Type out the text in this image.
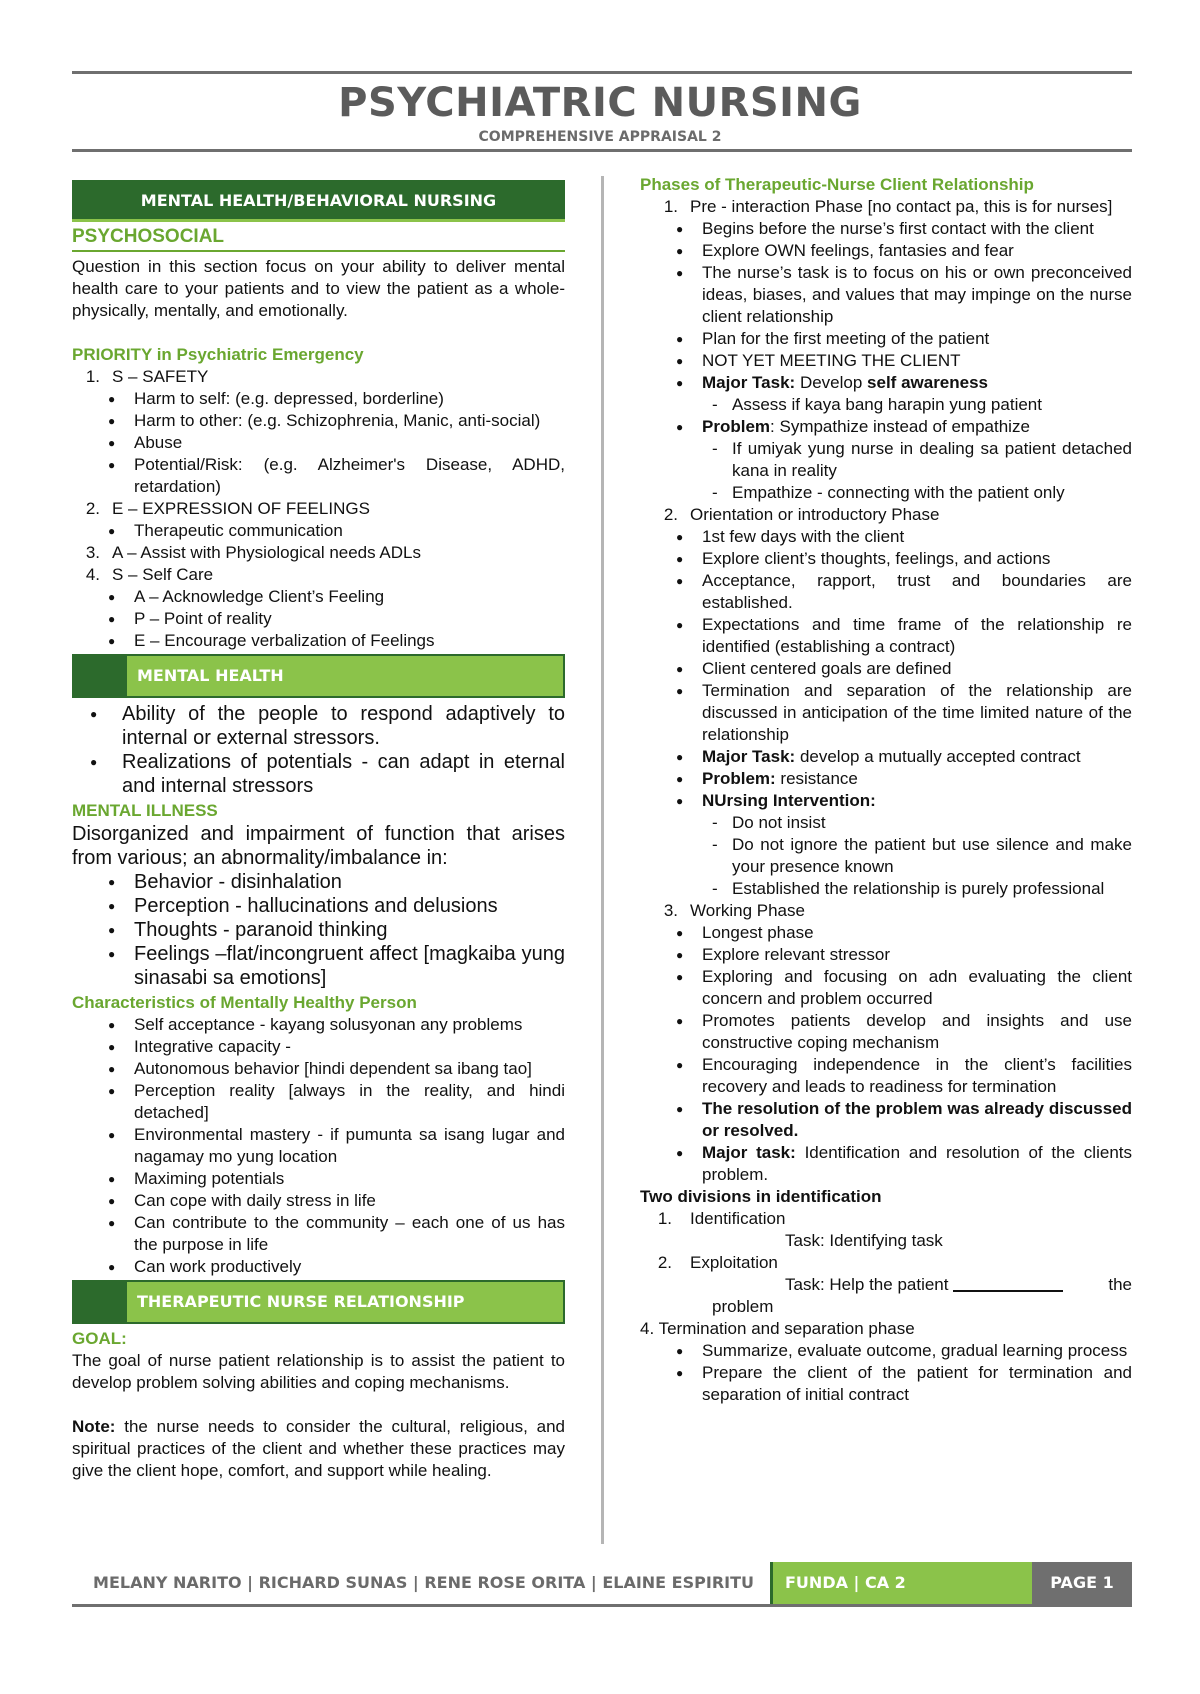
PSYCHIATRIC NURSING
COMPREHENSIVE APPRAISAL 2
MENTAL HEALTH/BEHAVIORAL NURSING
PSYCHOSOCIAL
Question in this section focus on your ability to deliver mental health care to your patients and to view the patient as a whole- physically, mentally, and emotionally.
PRIORITY in Psychiatric Emergency
1. S – SAFETY
●	Harm to self: (e.g. depressed, borderline)
●	Harm to other: (e.g. Schizophrenia, Manic, anti-social)
●	Abuse
●	Potential/Risk: (e.g. Alzheimer's Disease, ADHD, retardation)
2. E – EXPRESSION OF FEELINGS
●	Therapeutic communication
3. A – Assist with Physiological needs ADLs
4. S – Self Care
●	A – Acknowledge Client’s Feeling
●	P – Point of reality
●	E – Encourage verbalization of Feelings
MENTAL HEALTH
●	Ability of the people to respond adaptively to internal or external stressors.
●	Realizations of potentials - can adapt in eternal and internal stressors
MENTAL ILLNESS
Disorganized and impairment of function that arises from various; an abnormality/imbalance in:
● Behavior - disinhalation
● Perception - hallucinations and delusions
● Thoughts - paranoid thinking
● Feelings –flat/incongruent affect [magkaiba yung sinasabi sa emotions]
Characteristics of Mentally Healthy Person
●	Self acceptance - kayang solusyonan any problems
●	Integrative capacity -
●	Autonomous behavior [hindi dependent sa ibang tao]
●	Perception reality [always in the reality, and hindi detached]
●	Environmental mastery - if pumunta sa isang lugar and nagamay mo yung location
●	Maximing potentials
●	Can cope with daily stress in life
●	Can contribute to the community – each one of us has the purpose in life
●	Can work productively
THERAPEUTIC NURSE RELATIONSHIP
GOAL:
The goal of nurse patient relationship is to assist the patient to develop problem solving abilities and coping mechanisms.
Note: the nurse needs to consider the cultural, religious, and spiritual practices of the client and whether these practices may give the client hope, comfort, and support while healing.
Phases of Therapeutic-Nurse Client Relationship
1. Pre - interaction Phase [no contact pa, this is for nurses]
●	Begins before the nurse’s first contact with the client
●	Explore OWN feelings, fantasies and fear
●	The nurse’s task is to focus on his or own preconceived ideas, biases, and values that may impinge on the nurse client relationship
●	Plan for the first meeting of the patient
●	NOT YET MEETING THE CLIENT
●	Major Task: Develop self awareness
- Assess if kaya bang harapin yung patient
●	Problem: Sympathize instead of empathize
- If umiyak yung nurse in dealing sa patient detached kana in reality
- Empathize - connecting with the patient only
2. Orientation or introductory Phase
●	1st few days with the client
●	Explore client’s thoughts, feelings, and actions
●	Acceptance, rapport, trust and boundaries are established.
●	Expectations and time frame of the relationship re identified (establishing a contract)
●	Client centered goals are defined
●	Termination and separation of the relationship are discussed in anticipation of the time limited nature of the relationship
●	Major Task: develop a mutually accepted contract
●	Problem: resistance
●	NUrsing Intervention:
- Do not insist
- Do not ignore the patient but use silence and make your presence known
- Established the relationship is purely professional
3. Working Phase
●	Longest phase
●	Explore relevant stressor
●	Exploring and focusing on adn evaluating the client concern and problem occurred
●	Promotes patients develop and insights and use constructive coping mechanism
●	Encouraging independence in the client’s facilities recovery and leads to readiness for termination
●	The resolution of the problem was already discussed or resolved.
●	Major task: Identification and resolution of the clients problem.
Two divisions in identification
1.	Identification
Task: Identifying task
2.	Exploitation
Task: Help the patient
	the
problem
4. Termination and separation phase
●	Summarize, evaluate outcome, gradual learning process
●	Prepare the client of the patient for termination and separation of initial contract
MELANY NARITO | RICHARD SUNAS | RENE ROSE ORITA | ELAINE ESPIRITU	FUNDA | CA 2	PAGE 1
